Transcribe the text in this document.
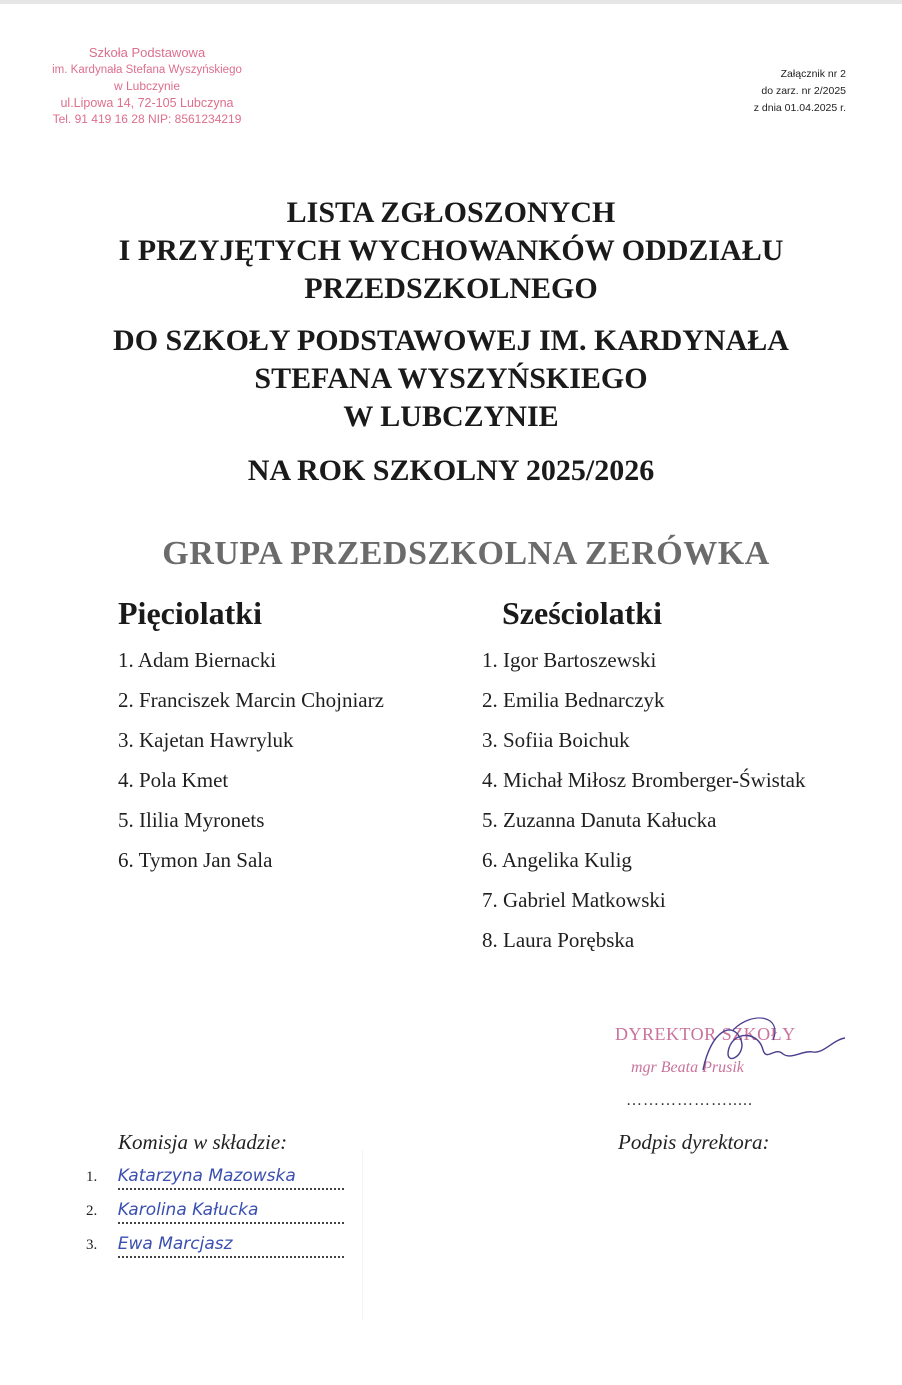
Szkoła Podstawowa
im. Kardynała Stefana Wyszyńskiego
w Lubczynie
ul.Lipowa 14, 72-105 Lubczyna
Tel. 91 419 16 28 NIP: 8561234219
Załącznik nr 2
do zarz. nr 2/2025
z dnia 01.04.2025 r.
LISTA ZGŁOSZONYCH
I PRZYJĘTYCH WYCHOWANKÓW ODDZIAŁU
PRZEDSZKOLNEGO
DO SZKOŁY PODSTAWOWEJ IM. KARDYNAŁA
STEFANA WYSZYŃSKIEGO
W LUBCZYNIE
NA ROK SZKOLNY 2025/2026
GRUPA PRZEDSZKOLNA ZERÓWKA
Pięciolatki
1. Adam Biernacki
2. Franciszek Marcin Chojniarz
3. Kajetan Hawryluk
4. Pola Kmet
5. Ililia Myronets
6. Tymon Jan Sala
Sześciolatki
1. Igor Bartoszewski
2. Emilia Bednarczyk
3. Sofiia Boichuk
4. Michał Miłosz Bromberger-Świstak
5. Zuzanna Danuta Kałucka
6. Angelika Kulig
7. Gabriel Matkowski
8. Laura Porębska
DYREKTOR SZKOŁY
mgr Beata Prusik
……………….....
Podpis dyrektora:
Komisja w składzie:
1. Katarzyna Mazowska
2. Karolina Kałucka
3. Ewa Marcjasz
